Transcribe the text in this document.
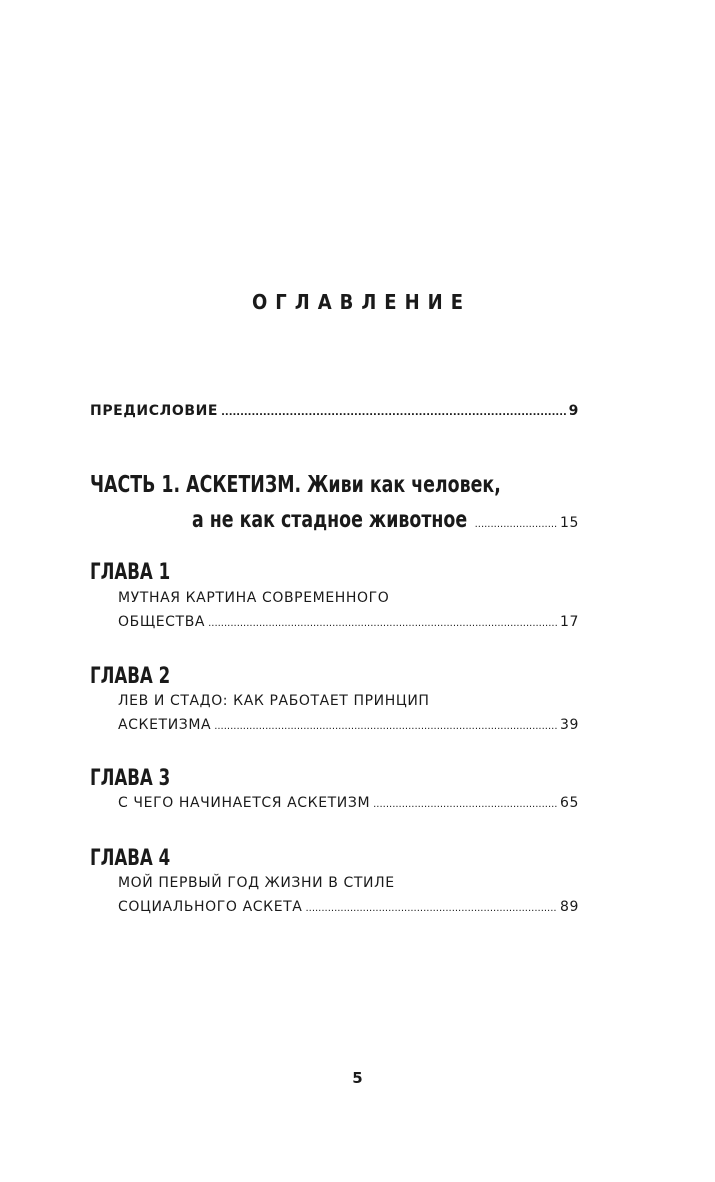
ОГЛАВЛЕНИЕ
ПРЕДИСЛОВИЕ .....	9
ЧАСТЬ 1. АСКЕТИЗМ. Живи как человек,
а не как стадное животное .....	15
ГЛАВА 1
МУТНАЯ КАРТИНА СОВРЕМЕННОГО
ОБЩЕСТВА .....	17
ГЛАВА 2
ЛЕВ И СТАДО: КАК РАБОТАЕТ ПРИНЦИП
АСКЕТИЗМА .....	39
ГЛАВА 3
С ЧЕГО НАЧИНАЕТСЯ АСКЕТИЗМ .....	65
ГЛАВА 4
МОЙ ПЕРВЫЙ ГОД ЖИЗНИ В СТИЛЕ
СОЦИАЛЬНОГО АСКЕТА .....	89
5
